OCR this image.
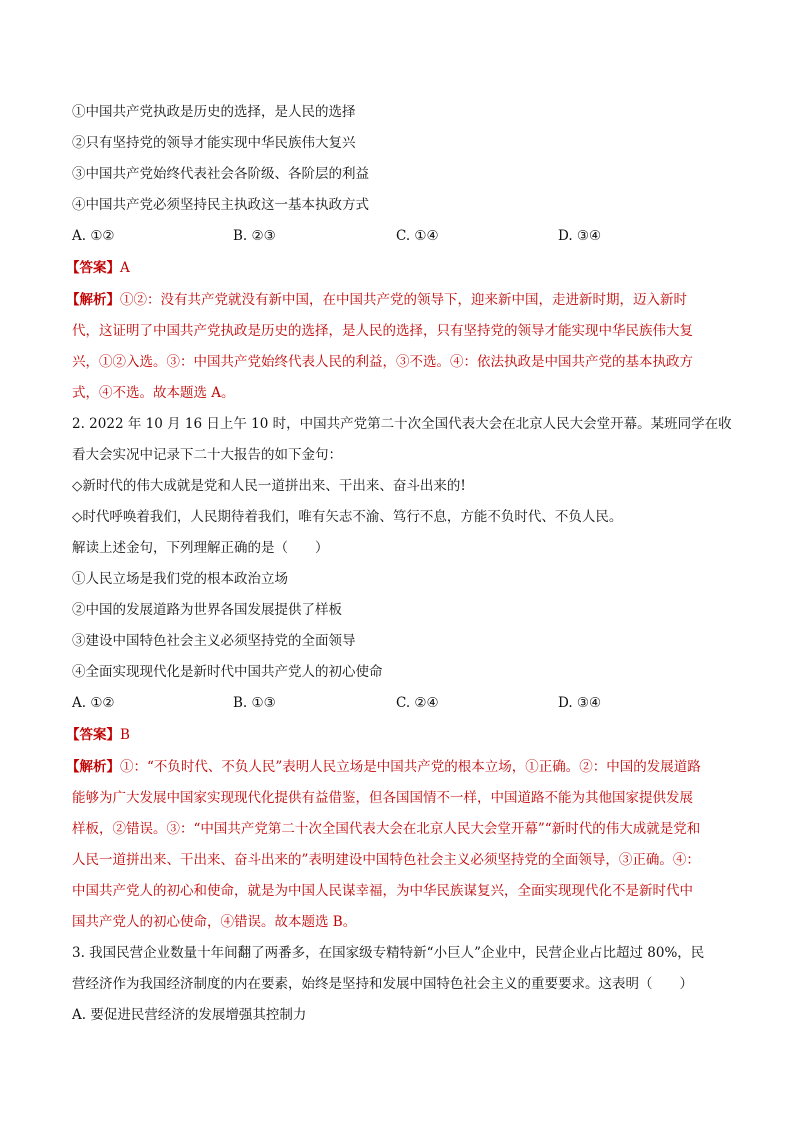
①中国共产党执政是历史的选择，是人民的选择
②只有坚持党的领导才能实现中华民族伟大复兴
③中国共产党始终代表社会各阶级、各阶层的利益
④中国共产党必须坚持民主执政这一基本执政方式
A. ①②	B. ②③	C. ①④	D. ③④
【答案】A
【解析】①②：没有共产党就没有新中国，在中国共产党的领导下，迎来新中国，走进新时期，迈入新时
代，这证明了中国共产党执政是历史的选择，是人民的选择，只有坚持党的领导才能实现中华民族伟大复
兴，①②入选。③：中国共产党始终代表人民的利益，③不选。④：依法执政是中国共产党的基本执政方
式，④不选。故本题选 A。
2. 2022 年 10 月 16 日上午 10 时，中国共产党第二十次全国代表大会在北京人民大会堂开幕。某班同学在收
看大会实况中记录下二十大报告的如下金句：
◇新时代的伟大成就是党和人民一道拼出来、干出来、奋斗出来的!
◇时代呼唤着我们，人民期待着我们，唯有矢志不渝、笃行不息，方能不负时代、不负人民。
解读上述金句，下列理解正确的是（　　）
①人民立场是我们党的根本政治立场
②中国的发展道路为世界各国发展提供了样板
③建设中国特色社会主义必须坚持党的全面领导
④全面实现现代化是新时代中国共产党人的初心使命
A. ①②	B. ①③	C. ②④	D. ③④
【答案】B
【解析】①：“不负时代、不负人民”表明人民立场是中国共产党的根本立场，①正确。②：中国的发展道路
能够为广大发展中国家实现现代化提供有益借鉴，但各国国情不一样，中国道路不能为其他国家提供发展
样板，②错误。③：“中国共产党第二十次全国代表大会在北京人民大会堂开幕”“新时代的伟大成就是党和
人民一道拼出来、干出来、奋斗出来的”表明建设中国特色社会主义必须坚持党的全面领导，③正确。④：
中国共产党人的初心和使命，就是为中国人民谋幸福，为中华民族谋复兴，全面实现现代化不是新时代中
国共产党人的初心使命，④错误。故本题选 B。
3. 我国民营企业数量十年间翻了两番多，在国家级专精特新“小巨人”企业中，民营企业占比超过 80%，民
营经济作为我国经济制度的内在要素，始终是坚持和发展中国特色社会主义的重要要求。这表明（　　）
A. 要促进民营经济的发展增强其控制力
